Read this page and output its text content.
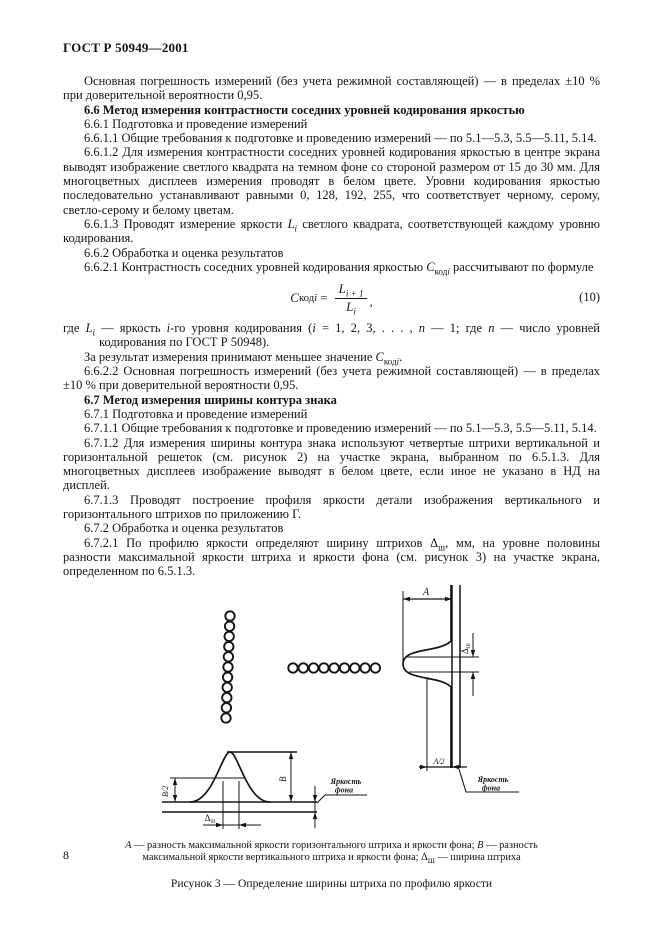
ГОСТ Р 50949—2001
Основная погрешность измерений (без учета режимной составляющей) — в пределах ±10 % при доверительной вероятности 0,95.
6.6 Метод измерения контрастности соседних уровней кодирования яркостью
6.6.1 Подготовка и проведение измерений
6.6.1.1 Общие требования к подготовке и проведению измерений — по 5.1—5.3, 5.5—5.11, 5.14.
6.6.1.2 Для измерения контрастности соседних уровней кодирования яркостью в центре экрана выводят изображение светлого квадрата на темном фоне со стороной размером от 15 до 30 мм. Для многоцветных дисплеев измерения проводят в белом цвете. Уровни кодирования яркостью последовательно устанавливают равными 0, 128, 192, 255, что соответствует черному, серому, светло-серому и белому цветам.
6.6.1.3 Проводят измерение яркости $L_i$ светлого квадрата, соответствующей каждому уровню кодирования.
6.6.2 Обработка и оценка результатов
6.6.2.1 Контрастность соседних уровней кодирования яркостью $С_{кодi}$ рассчитывают по формуле
С кодi = $\frac{L_{i + 1}}{L_i}$ ,	(10)
где $L_i$ — яркость i-го уровня кодирования (i = 1, 2, 3, . . . , n — 1; где n — число уровней кодирования по ГОСТ Р 50948).
За результат измерения принимают меньшее значение $С_{кодi}$.
6.6.2.2 Основная погрешность измерений (без учета режимной составляющей) — в пределах ±10 % при доверительной вероятности 0,95.
6.7 Метод измерения ширины контура знака
6.7.1 Подготовка и проведение измерений
6.7.1.1 Общие требования к подготовке и проведению измерений — по 5.1—5.3, 5.5—5.11, 5.14.
6.7.1.2 Для измерения ширины контура знака используют четвертые штрихи вертикальной и горизонтальной решеток (см. рисунок 2) на участке экрана, выбранном по 6.5.1.3. Для многоцветных дисплеев изображение выводят в белом цвете, если иное не указано в НД на дисплей.
6.7.1.3 Проводят построение профиля яркости детали изображения вертикального и горизонтального штрихов по приложению Г.
6.7.2 Обработка и оценка результатов
6.7.2.1 По профилю яркости определяют ширину штрихов $\Delta_ш$, мм, на уровне половины разности максимальной яркости штриха и яркости фона (см. рисунок 3) на участке экрана, определенном по 6.5.1.3.
А
Δш
А/2
Яркость фона
В/2
В
Δш
Яркость фона
А — разность максимальной яркости горизонтального штриха и яркости фона; В — разность максимальной яркости вертикального штриха и яркости фона; $\Delta_ш$ — ширина штриха
Рисунок 3 — Определение ширины штриха по профилю яркости
8
